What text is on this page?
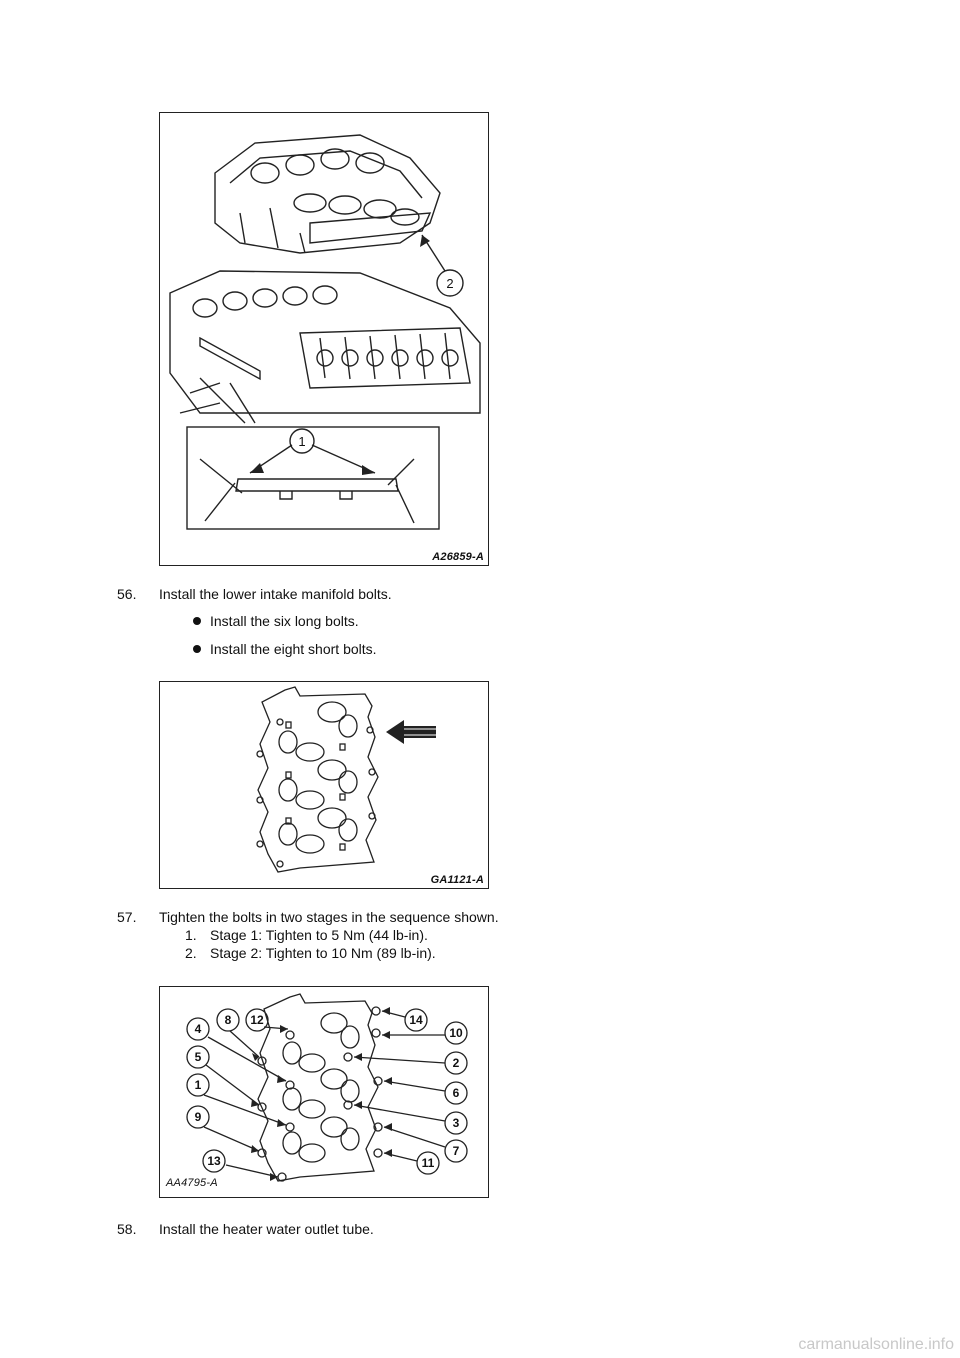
2
1
A26859-A
56. Install the lower intake manifold bolts.
Install the six long bolts.
Install the eight short bolts.
GA1121-A
57. Tighten the bolts in two stages in the sequence shown.
1. Stage 1: Tighten to 5 Nm (44 lb-in).
2. Stage 2: Tighten to 10 Nm (89 lb-in).
8 12	14
4	10
5	2
1
6
9	3
7
13	11
AA4795-A
58. Install the heater water outlet tube.
carmanualsonline.info
